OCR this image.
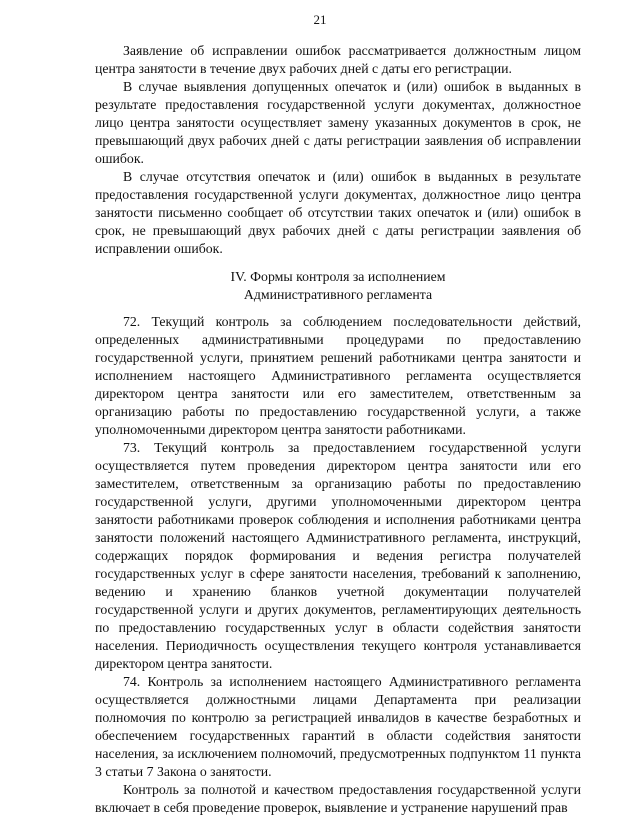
21

Заявление об исправлении ошибок рассматривается должностным лицом центра занятости в течение двух рабочих дней с даты его регистрации.

В случае выявления допущенных опечаток и (или) ошибок в выданных в результате предоставления государственной услуги документах, должностное лицо центра занятости осуществляет замену указанных документов в срок, не превышающий двух рабочих дней с даты регистрации заявления об исправлении ошибок.

В случае отсутствия опечаток и (или) ошибок в выданных в результате предоставления государственной услуги документах, должностное лицо центра занятости письменно сообщает об отсутствии таких опечаток и (или) ошибок в срок, не превышающий двух рабочих дней с даты регистрации заявления об исправлении ошибок.

IV. Формы контроля за исполнением
Административного регламента

72. Текущий контроль за соблюдением последовательности действий, определенных административными процедурами по предоставлению государственной услуги, принятием решений работниками центра занятости и исполнением настоящего Административного регламента осуществляется директором центра занятости или его заместителем, ответственным за организацию работы по предоставлению государственной услуги, а также уполномоченными директором центра занятости работниками.

73. Текущий контроль за предоставлением государственной услуги осуществляется путем проведения директором центра занятости или его заместителем, ответственным за организацию работы по предоставлению государственной услуги, другими уполномоченными директором центра занятости работниками проверок соблюдения и исполнения работниками центра занятости положений настоящего Административного регламента, инструкций, содержащих порядок формирования и ведения регистра получателей государственных услуг в сфере занятости населения, требований к заполнению, ведению и хранению бланков учетной документации получателей государственной услуги и других документов, регламентирующих деятельность по предоставлению государственных услуг в области содействия занятости населения. Периодичность осуществления текущего контроля устанавливается директором центра занятости.

74. Контроль за исполнением настоящего Административного регламента осуществляется должностными лицами Департамента при реализации полномочия по контролю за регистрацией инвалидов в качестве безработных и обеспечением государственных гарантий в области содействия занятости населения, за исключением полномочий, предусмотренных подпунктом 11 пункта 3 статьи 7 Закона о занятости.

Контроль за полнотой и качеством предоставления государственной услуги включает в себя проведение проверок, выявление и устранение нарушений прав
